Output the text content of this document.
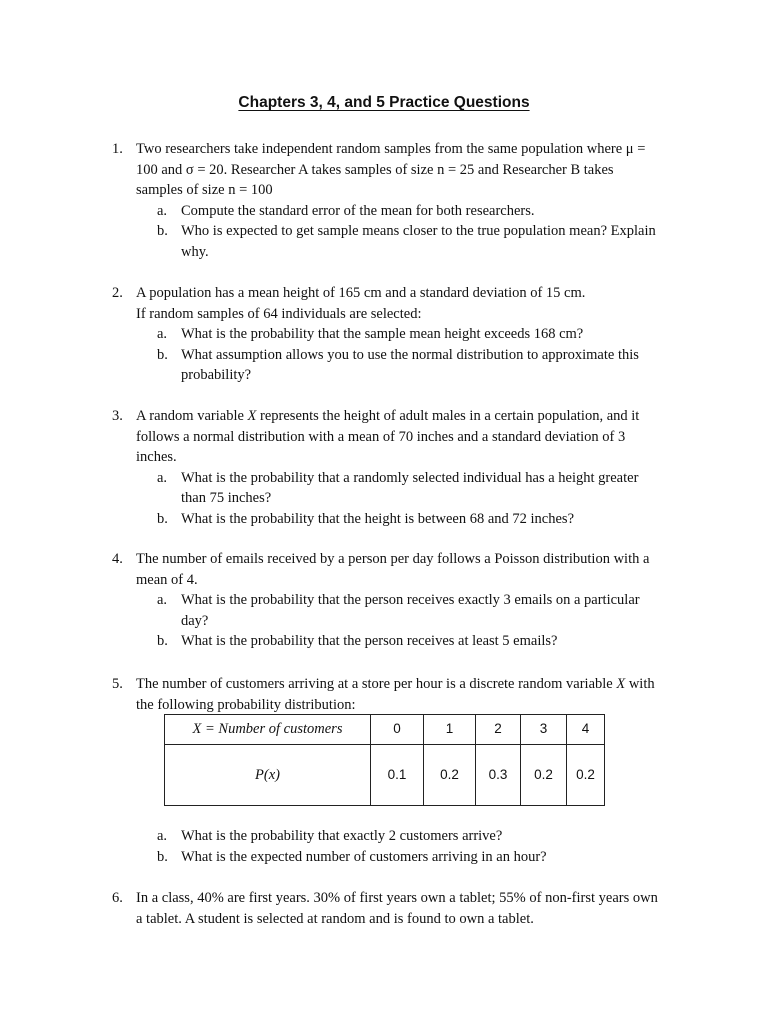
Chapters 3, 4, and 5 Practice Questions
1. Two researchers take independent random samples from the same population where μ =
100 and σ = 20. Researcher A takes samples of size n = 25 and Researcher B takes
samples of size n = 100
a. Compute the standard error of the mean for both researchers.
b. Who is expected to get sample means closer to the true population mean? Explain
why.
2. A population has a mean height of 165 cm and a standard deviation of 15 cm.
If random samples of 64 individuals are selected:
a. What is the probability that the sample mean height exceeds 168 cm?
b. What assumption allows you to use the normal distribution to approximate this
probability?
3. A random variable X represents the height of adult males in a certain population, and it
follows a normal distribution with a mean of 70 inches and a standard deviation of 3
inches.
a. What is the probability that a randomly selected individual has a height greater
than 75 inches?
b. What is the probability that the height is between 68 and 72 inches?
4. The number of emails received by a person per day follows a Poisson distribution with a
mean of 4.
a. What is the probability that the person receives exactly 3 emails on a particular
day?
b. What is the probability that the person receives at least 5 emails?
5. The number of customers arriving at a store per hour is a discrete random variable X with
the following probability distribution:
X = Number of customers	0	1	2	3	4
P(x)	0.1	0.2	0.3	0.2	0.2
a. What is the probability that exactly 2 customers arrive?
b. What is the expected number of customers arriving in an hour?
6. In a class, 40% are first years. 30% of first years own a tablet; 55% of non-first years own
a tablet. A student is selected at random and is found to own a tablet.
